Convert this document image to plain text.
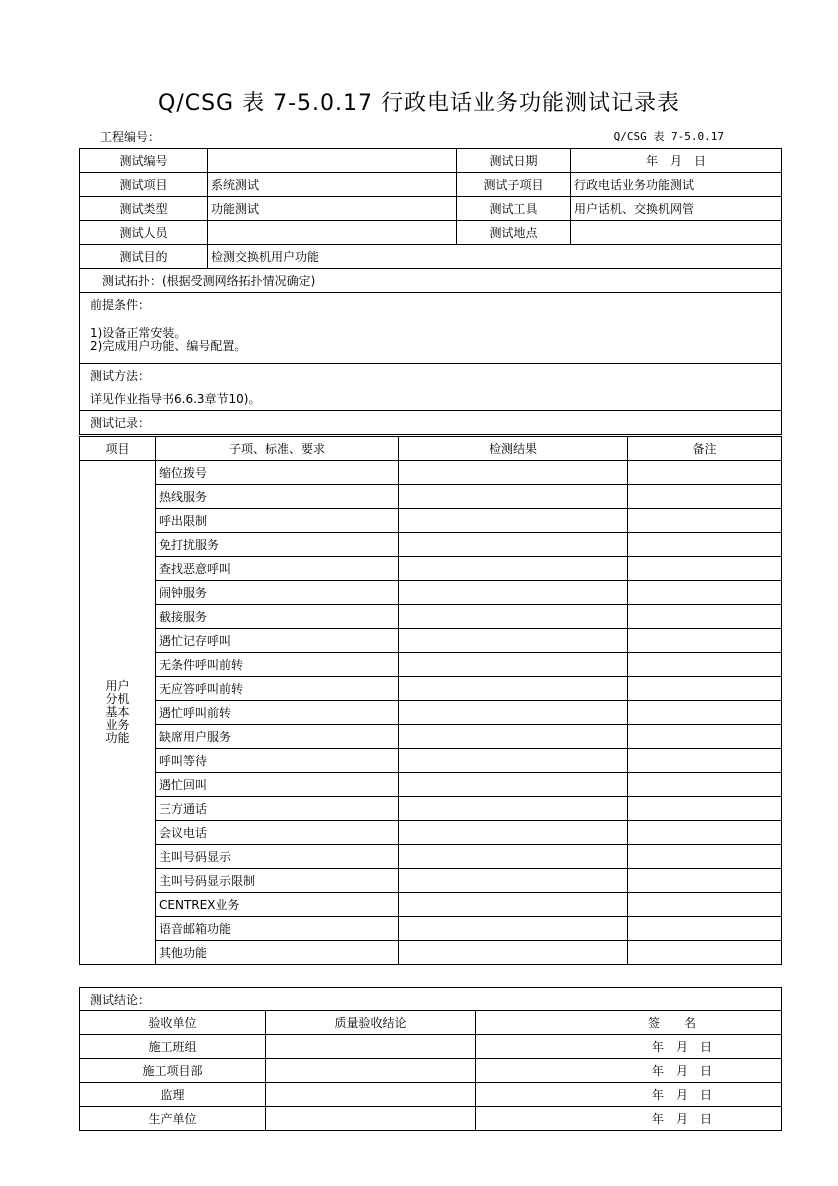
Q/CSG 表 7-5.0.17 行政电话业务功能测试记录表
工程编号：	Q/CSG 表 7-5.0.17
测试编号		测试日期	年　月　日
测试项目	系统测试	测试子项目	行政电话业务功能测试
测试类型	功能测试	测试工具	用户话机、交换机网管
测试人员		测试地点	
测试目的	检测交换机用户功能		
测试拓扑：(根据受测网络拓扑情况确定)			

前提条件：
1)设备正常安装。
2)完成用户功能、编号配置。			

测试方法：
详见作业指导书6.6.3章节10)。			

测试记录：			
项目	子项、标准、要求	检测结果	备注

用户
分机
基本
业务
功能	缩位拨号		
	热线服务		
	呼出限制		
	免打扰服务		
	查找恶意呼叫		
	闹钟服务		
	截接服务		
	遇忙记存呼叫		
	无条件呼叫前转		
	无应答呼叫前转		
	遇忙呼叫前转		
	缺席用户服务		
	呼叫等待		
	遇忙回叫		
	三方通话		
	会议电话		
	主叫号码显示		
	主叫号码显示限制		
	CENTREX业务		
	语音邮箱功能		
	其他功能		
测试结论：		
验收单位	质量验收结论	签　　名
施工班组		年　月　日
施工项目部		年　月　日
监理		年　月　日
生产单位		年　月　日
